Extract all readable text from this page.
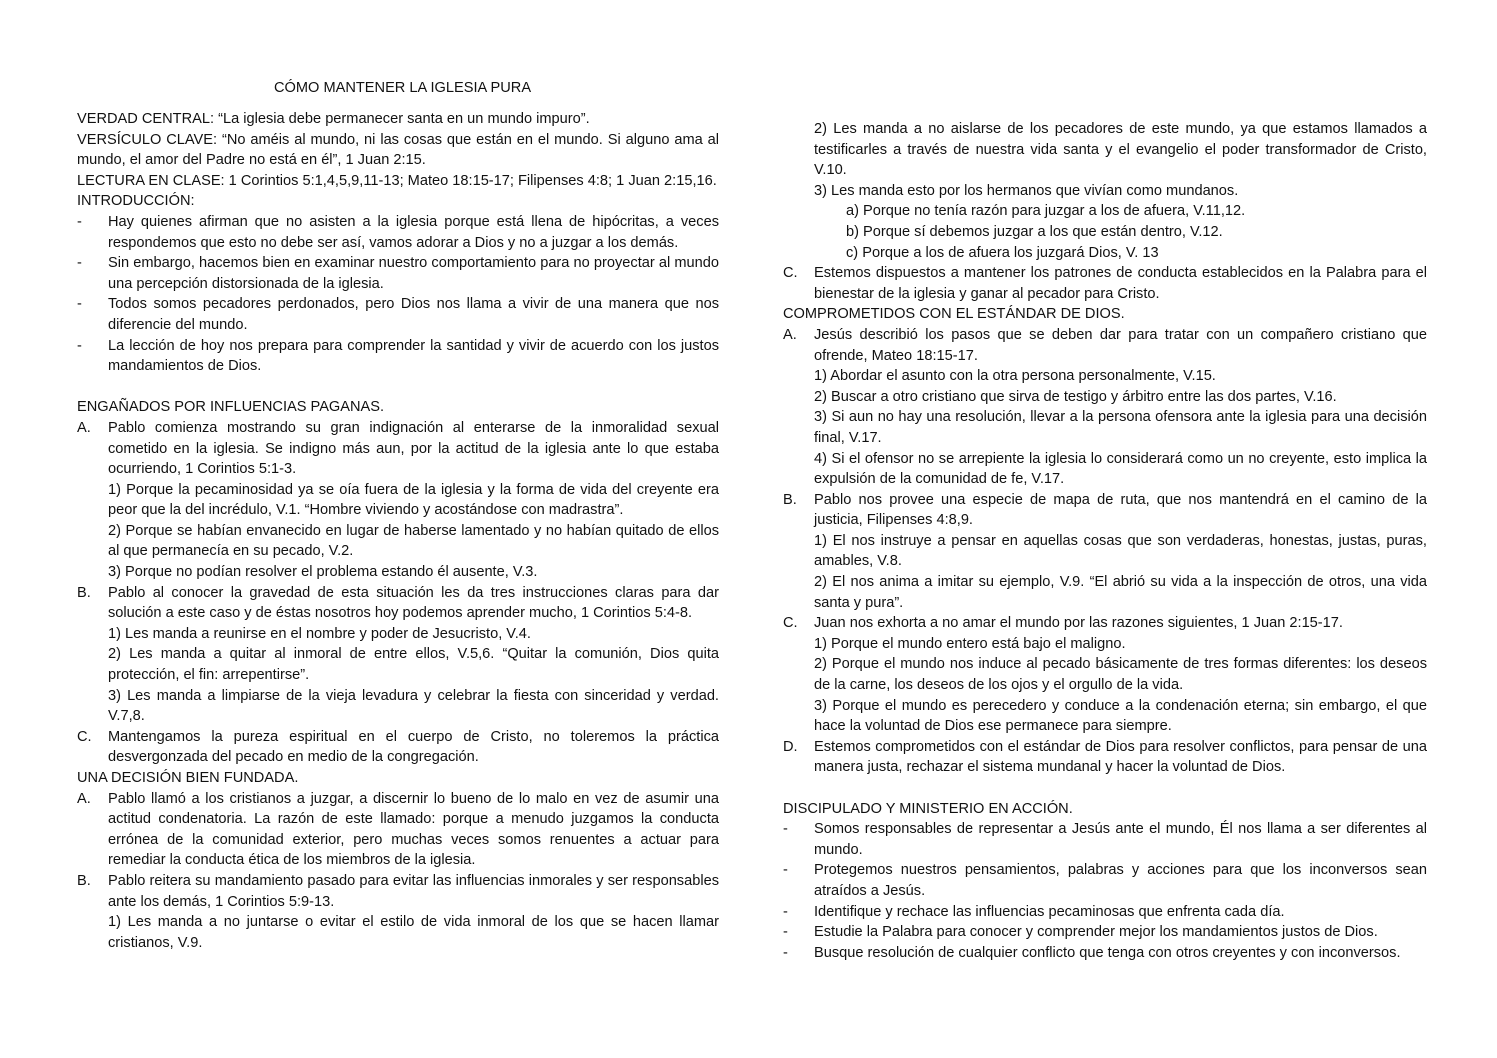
CÓMO MANTENER LA IGLESIA PURA
VERDAD CENTRAL: “La iglesia debe permanecer santa en un mundo impuro”.
VERSÍCULO CLAVE: “No améis al mundo, ni las cosas que están en el mundo. Si alguno ama al mundo, el amor del Padre no está en él”, 1 Juan 2:15.
LECTURA EN CLASE: 1 Corintios 5:1,4,5,9,11-13; Mateo 18:15-17; Filipenses 4:8; 1 Juan 2:15,16.
INTRODUCCIÓN:
- Hay quienes afirman que no asisten a la iglesia porque está llena de hipócritas, a veces respondemos que esto no debe ser así, vamos adorar a Dios y no a juzgar a los demás.
- Sin embargo, hacemos bien en examinar nuestro comportamiento para no proyectar al mundo una percepción distorsionada de la iglesia.
- Todos somos pecadores perdonados, pero Dios nos llama a vivir de una manera que nos diferencie del mundo.
- La lección de hoy nos prepara para comprender la santidad y vivir de acuerdo con los justos mandamientos de Dios.
ENGAÑADOS POR INFLUENCIAS PAGANAS.
A. Pablo comienza mostrando su gran indignación al enterarse de la inmoralidad sexual cometido en la iglesia. Se indigno más aun, por la actitud de la iglesia ante lo que estaba ocurriendo, 1 Corintios 5:1-3.
1) Porque la pecaminosidad ya se oía fuera de la iglesia y la forma de vida del creyente era peor que la del incrédulo, V.1. “Hombre viviendo y acostándose con madrastra”.
2) Porque se habían envanecido en lugar de haberse lamentado y no habían quitado de ellos al que permanecía en su pecado, V.2.
3) Porque no podían resolver el problema estando él ausente, V.3.
B. Pablo al conocer la gravedad de esta situación les da tres instrucciones claras para dar solución a este caso y de éstas nosotros hoy podemos aprender mucho, 1 Corintios 5:4-8.
1) Les manda a reunirse en el nombre y poder de Jesucristo, V.4.
2) Les manda a quitar al inmoral de entre ellos, V.5,6. “Quitar la comunión, Dios quita protección, el fin: arrepentirse”.
3) Les manda a limpiarse de la vieja levadura y celebrar la fiesta con sinceridad y verdad. V.7,8.
C. Mantengamos la pureza espiritual en el cuerpo de Cristo, no toleremos la práctica desvergonzada del pecado en medio de la congregación.
UNA DECISIÓN BIEN FUNDADA.
A. Pablo llamó a los cristianos a juzgar, a discernir lo bueno de lo malo en vez de asumir una actitud condenatoria. La razón de este llamado: porque a menudo juzgamos la conducta errónea de la comunidad exterior, pero muchas veces somos renuentes a actuar para remediar la conducta ética de los miembros de la iglesia.
B. Pablo reitera su mandamiento pasado para evitar las influencias inmorales y ser responsables ante los demás, 1 Corintios 5:9-13.
1) Les manda a no juntarse o evitar el estilo de vida inmoral de los que se hacen llamar cristianos, V.9.
2) Les manda a no aislarse de los pecadores de este mundo, ya que estamos llamados a testificarles a través de nuestra vida santa y el evangelio el poder transformador de Cristo, V.10.
3) Les manda esto por los hermanos que vivían como mundanos.
a) Porque no tenía razón para juzgar a los de afuera, V.11,12.
b) Porque sí debemos juzgar a los que están dentro, V.12.
c) Porque a los de afuera los juzgará Dios, V. 13
C. Estemos dispuestos a mantener los patrones de conducta establecidos en la Palabra para el bienestar de la iglesia y ganar al pecador para Cristo.
COMPROMETIDOS CON EL ESTÁNDAR DE DIOS.
A. Jesús describió los pasos que se deben dar para tratar con un compañero cristiano que ofrende, Mateo 18:15-17.
1) Abordar el asunto con la otra persona personalmente, V.15.
2) Buscar a otro cristiano que sirva de testigo y árbitro entre las dos partes, V.16.
3) Si aun no hay una resolución, llevar a la persona ofensora ante la iglesia para una decisión final, V.17.
4) Si el ofensor no se arrepiente la iglesia lo considerará como un no creyente, esto implica la expulsión de la comunidad de fe, V.17.
B. Pablo nos provee una especie de mapa de ruta, que nos mantendrá en el camino de la justicia, Filipenses 4:8,9.
1) El nos instruye a pensar en aquellas cosas que son verdaderas, honestas, justas, puras, amables, V.8.
2) El nos anima a imitar su ejemplo, V.9. “El abrió su vida a la inspección de otros, una vida santa y pura”.
C. Juan nos exhorta a no amar el mundo por las razones siguientes, 1 Juan 2:15-17.
1) Porque el mundo entero está bajo el maligno.
2) Porque el mundo nos induce al pecado básicamente de tres formas diferentes: los deseos de la carne, los deseos de los ojos y el orgullo de la vida.
3) Porque el mundo es perecedero y conduce a la condenación eterna; sin embargo, el que hace la voluntad de Dios ese permanece para siempre.
D. Estemos comprometidos con el estándar de Dios para resolver conflictos, para pensar de una manera justa, rechazar el sistema mundanal y hacer la voluntad de Dios.
DISCIPULADO Y MINISTERIO EN ACCIÓN.
- Somos responsables de representar a Jesús ante el mundo, Él nos llama a ser diferentes al mundo.
- Protegemos nuestros pensamientos, palabras y acciones para que los inconversos sean atraídos a Jesús.
- Identifique y rechace las influencias pecaminosas que enfrenta cada día.
- Estudie la Palabra para conocer y comprender mejor los mandamientos justos de Dios.
- Busque resolución de cualquier conflicto que tenga con otros creyentes y con inconversos.
